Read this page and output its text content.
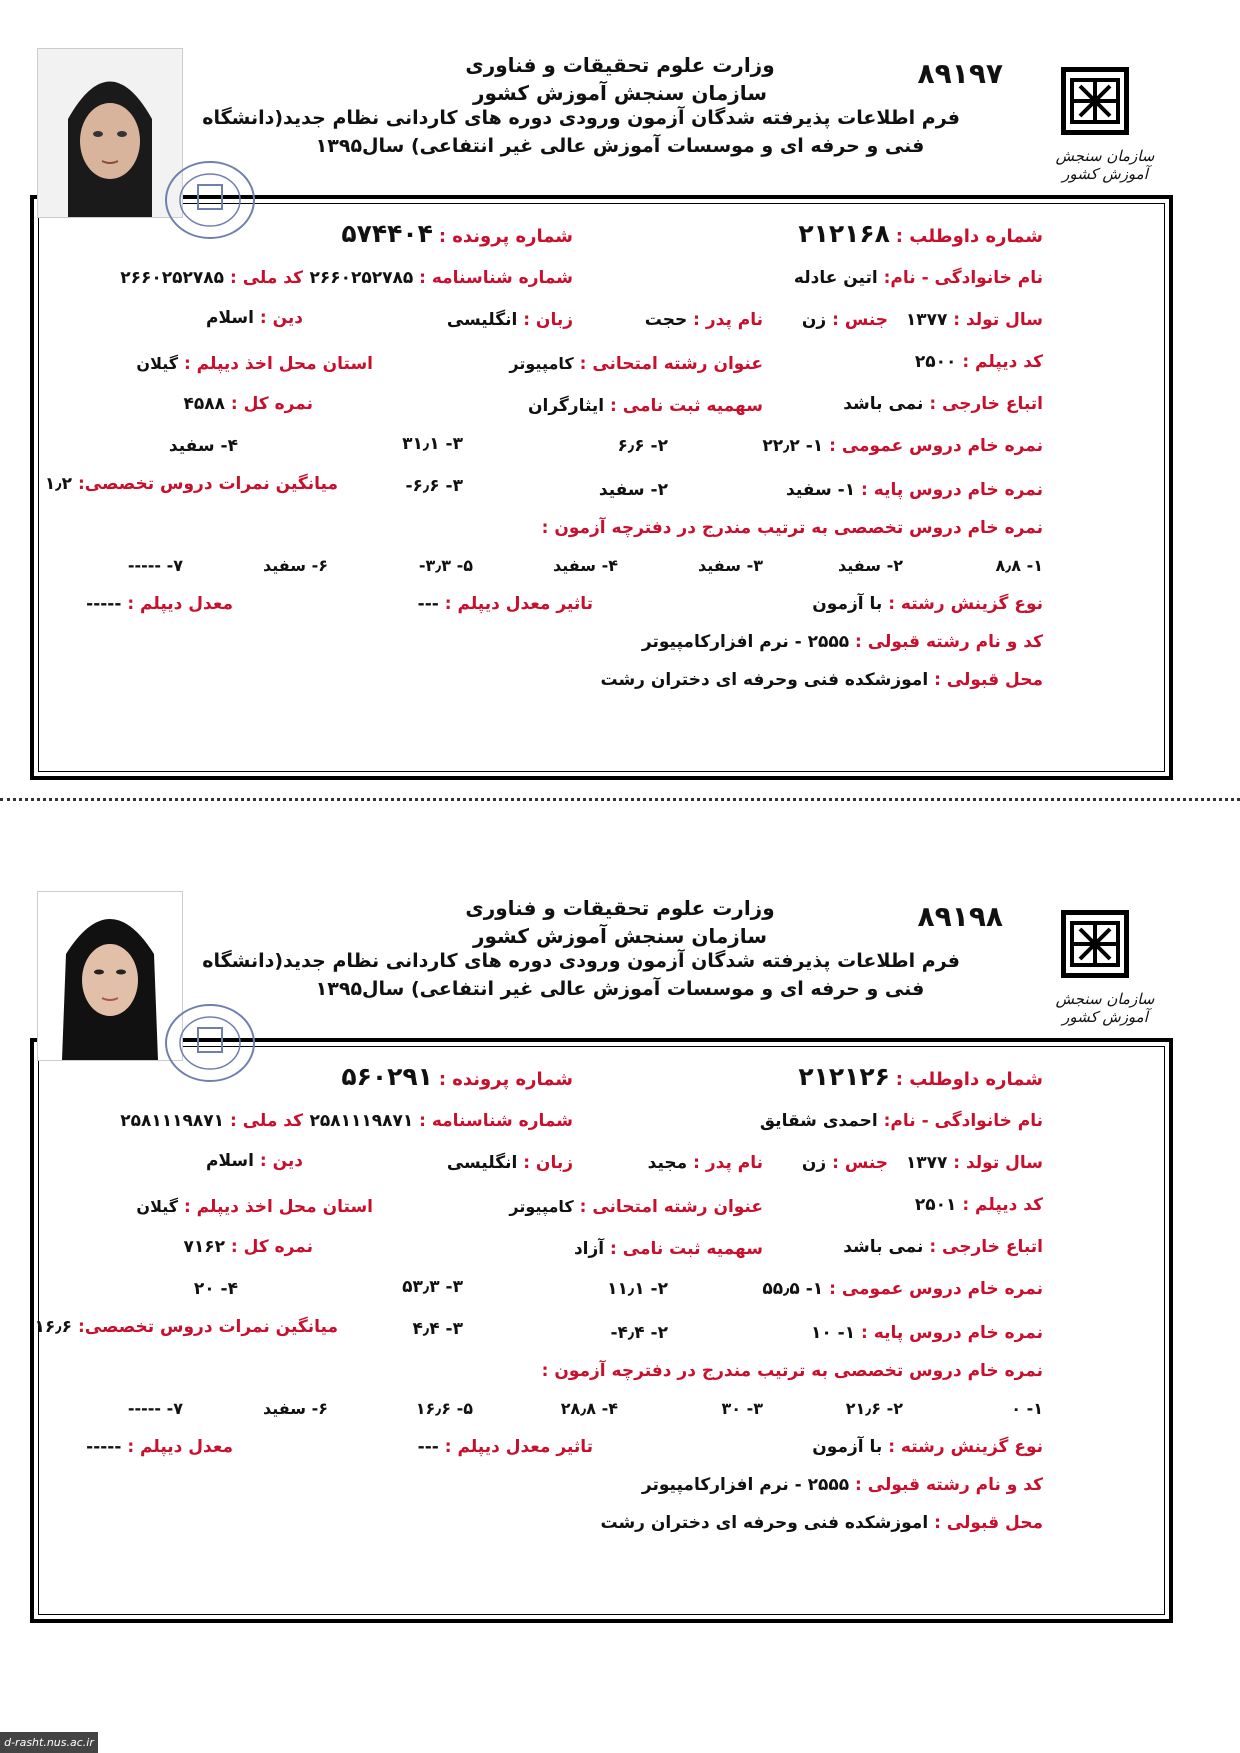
سازمان سنجش آموزش کشور
۸۹۱۹۷
وزارت علوم تحقیقات و فناوری
سازمان سنجش آموزش کشور
فرم اطلاعات پذیرفته شدگان آزمون ورودی دوره های کاردانی نظام جدید(دانشگاه
فنی و حرفه ای و موسسات آموزش عالی غیر انتفاعی) سال۱۳۹۵
شماره داوطلب : ۲۱۲۱۶۸
شماره پرونده : ۵۷۴۴۰۴
نام خانوادگی - نام: اتین عادله
شماره شناسنامه : ۲۶۶۰۲۵۲۷۸۵
کد ملی : ۲۶۶۰۲۵۲۷۸۵
سال تولد : ۱۳۷۷   جنس : زن
نام پدر : حجت
زبان : انگلیسی
دین : اسلام
کد دیپلم : ۲۵۰۰
عنوان رشته امتحانی : کامپیوتر
استان محل اخذ دیپلم : گیلان
اتباع خارجی : نمی باشد
سهمیه ثبت نامی : ایثارگران
نمره کل : ۴۵۸۸
نمره خام دروس عمومی : ۱- ۲۲٫۲
۲- ۶٫۶
۳- ۳۱٫۱
۴- سفید
نمره خام دروس پایه : ۱- سفید
۲- سفید
۳- ۶٫۶-
میانگین نمرات دروس تخصصی: ۱٫۲
نمره خام دروس تخصصی به ترتیب مندرج در دفترچه آزمون :
۱- ۸٫۸
۲- سفید
۳- سفید
۴- سفید
۵- ۳٫۳-
۶- سفید
۷- -----
نوع گزینش رشته : با آزمون
تاثیر معدل دیپلم : ---
معدل دیپلم : -----
کد و نام رشته قبولی : ۲۵۵۵ - نرم افزارکامپیوتر
محل قبولی : اموزشکده فنی وحرفه ای دختران رشت
سازمان سنجش آموزش کشور
۸۹۱۹۸
وزارت علوم تحقیقات و فناوری
سازمان سنجش آموزش کشور
فرم اطلاعات پذیرفته شدگان آزمون ورودی دوره های کاردانی نظام جدید(دانشگاه
فنی و حرفه ای و موسسات آموزش عالی غیر انتفاعی) سال۱۳۹۵
شماره داوطلب : ۲۱۲۱۲۶
شماره پرونده : ۵۶۰۲۹۱
نام خانوادگی - نام: احمدی شقایق
شماره شناسنامه : ۲۵۸۱۱۱۹۸۷۱
کد ملی : ۲۵۸۱۱۱۹۸۷۱
سال تولد : ۱۳۷۷   جنس : زن
نام پدر : مجید
زبان : انگلیسی
دین : اسلام
کد دیپلم : ۲۵۰۱
عنوان رشته امتحانی : کامپیوتر
استان محل اخذ دیپلم : گیلان
اتباع خارجی : نمی باشد
سهمیه ثبت نامی : آزاد
نمره کل : ۷۱۶۲
نمره خام دروس عمومی : ۱- ۵۵٫۵
۲- ۱۱٫۱
۳- ۵۳٫۳
۴- ۲۰
نمره خام دروس پایه : ۱- ۱۰
۲- ۴٫۴-
۳- ۴٫۴
میانگین نمرات دروس تخصصی: ۱۶٫۶
نمره خام دروس تخصصی به ترتیب مندرج در دفترچه آزمون :
۱- ۰
۲- ۲۱٫۶
۳- ۳۰
۴- ۲۸٫۸
۵- ۱۶٫۶
۶- سفید
۷- -----
نوع گزینش رشته : با آزمون
تاثیر معدل دیپلم : ---
معدل دیپلم : -----
کد و نام رشته قبولی : ۲۵۵۵ - نرم افزارکامپیوتر
محل قبولی : اموزشکده فنی وحرفه ای دختران رشت
d-rasht.nus.ac.ir
